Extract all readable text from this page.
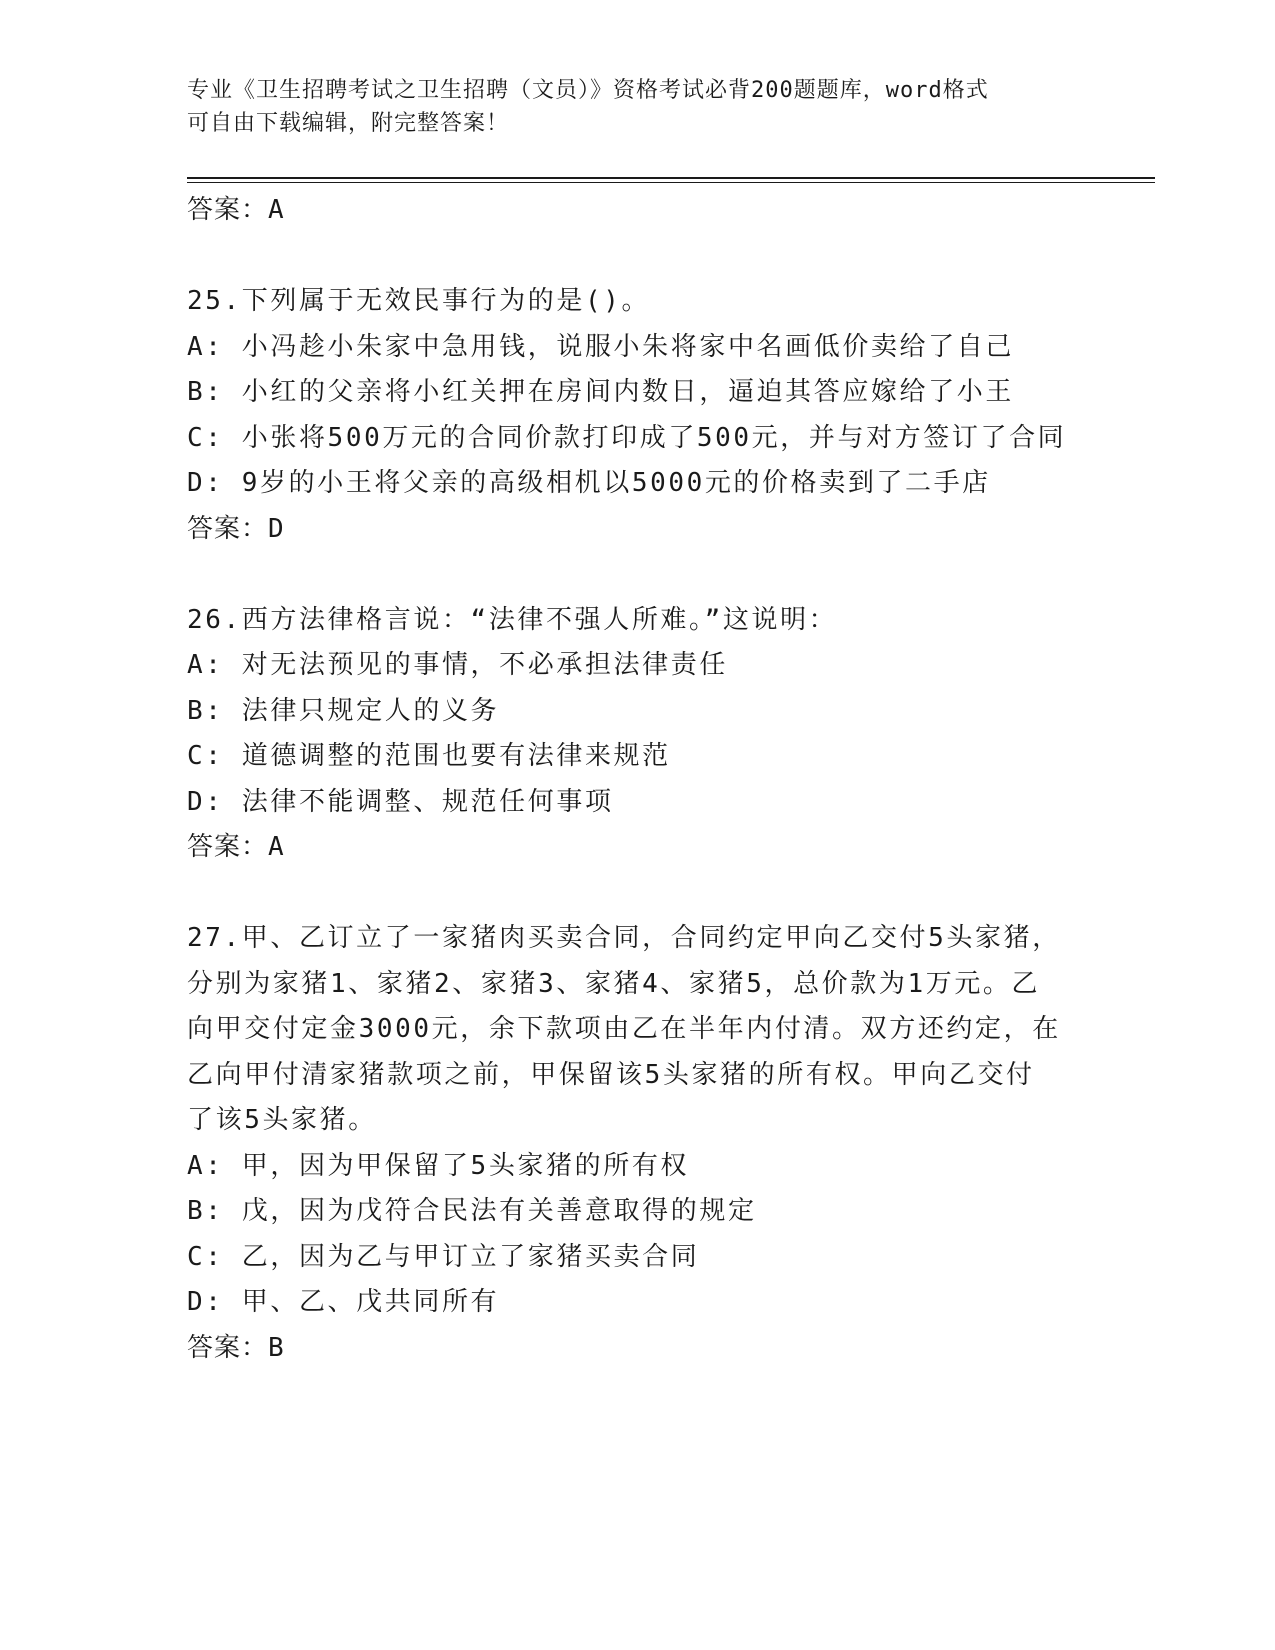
专业《卫生招聘考试之卫生招聘（文员）》资格考试必背200题题库，word格式
可自由下载编辑，附完整答案！
答案：A
25.下列属于无效民事行为的是()。
A: 小冯趁小朱家中急用钱，说服小朱将家中名画低价卖给了自己
B: 小红的父亲将小红关押在房间内数日，逼迫其答应嫁给了小王
C: 小张将500万元的合同价款打印成了500元，并与对方签订了合同
D: 9岁的小王将父亲的高级相机以5000元的价格卖到了二手店
答案：D
26.西方法律格言说：“法律不强人所难。”这说明：
A: 对无法预见的事情，不必承担法律责任
B: 法律只规定人的义务
C: 道德调整的范围也要有法律来规范
D: 法律不能调整、规范任何事项
答案：A
27.甲、乙订立了一家猪肉买卖合同，合同约定甲向乙交付5头家猪，
分别为家猪1、家猪2、家猪3、家猪4、家猪5，总价款为1万元。乙
向甲交付定金3000元，余下款项由乙在半年内付清。双方还约定，在
乙向甲付清家猪款项之前，甲保留该5头家猪的所有权。甲向乙交付
了该5头家猪。
A: 甲，因为甲保留了5头家猪的所有权
B: 戊，因为戊符合民法有关善意取得的规定
C: 乙，因为乙与甲订立了家猪买卖合同
D: 甲、乙、戊共同所有
答案：B
